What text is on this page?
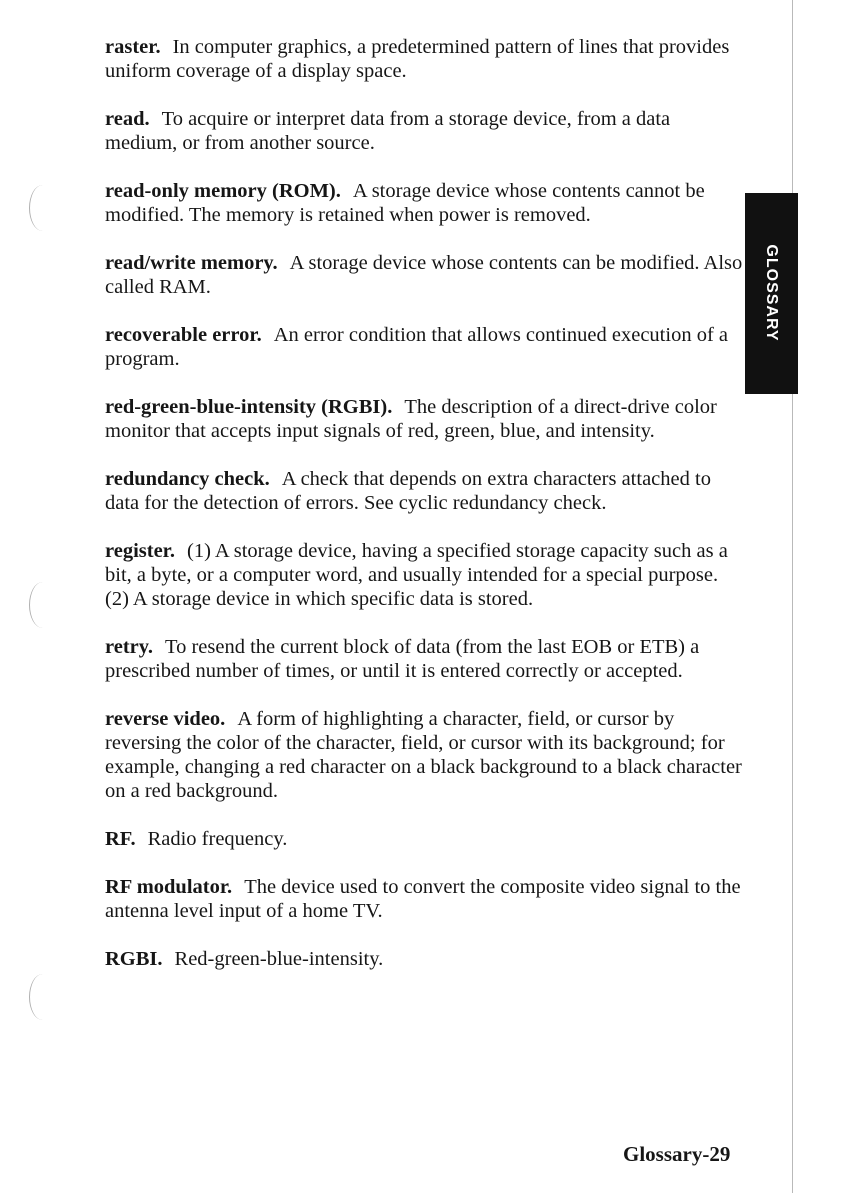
GLOSSARY

raster. In computer graphics, a predetermined pattern of lines that provides uniform coverage of a display space.

read. To acquire or interpret data from a storage device, from a data medium, or from another source.

read-only memory (ROM). A storage device whose contents cannot be modified. The memory is retained when power is removed.

read/write memory. A storage device whose contents can be modified. Also called RAM.

recoverable error. An error condition that allows continued execution of a program.

red-green-blue-intensity (RGBI). The description of a direct-drive color monitor that accepts input signals of red, green, blue, and intensity.

redundancy check. A check that depends on extra characters attached to data for the detection of errors. See cyclic redundancy check.

register. (1) A storage device, having a specified storage capacity such as a bit, a byte, or a computer word, and usually intended for a special purpose. (2) A storage device in which specific data is stored.

retry. To resend the current block of data (from the last EOB or ETB) a prescribed number of times, or until it is entered correctly or accepted.

reverse video. A form of highlighting a character, field, or cursor by reversing the color of the character, field, or cursor with its background; for example, changing a red character on a black background to a black character on a red background.

RF. Radio frequency.

RF modulator. The device used to convert the composite video signal to the antenna level input of a home TV.

RGBI. Red-green-blue-intensity.

Glossary-29
